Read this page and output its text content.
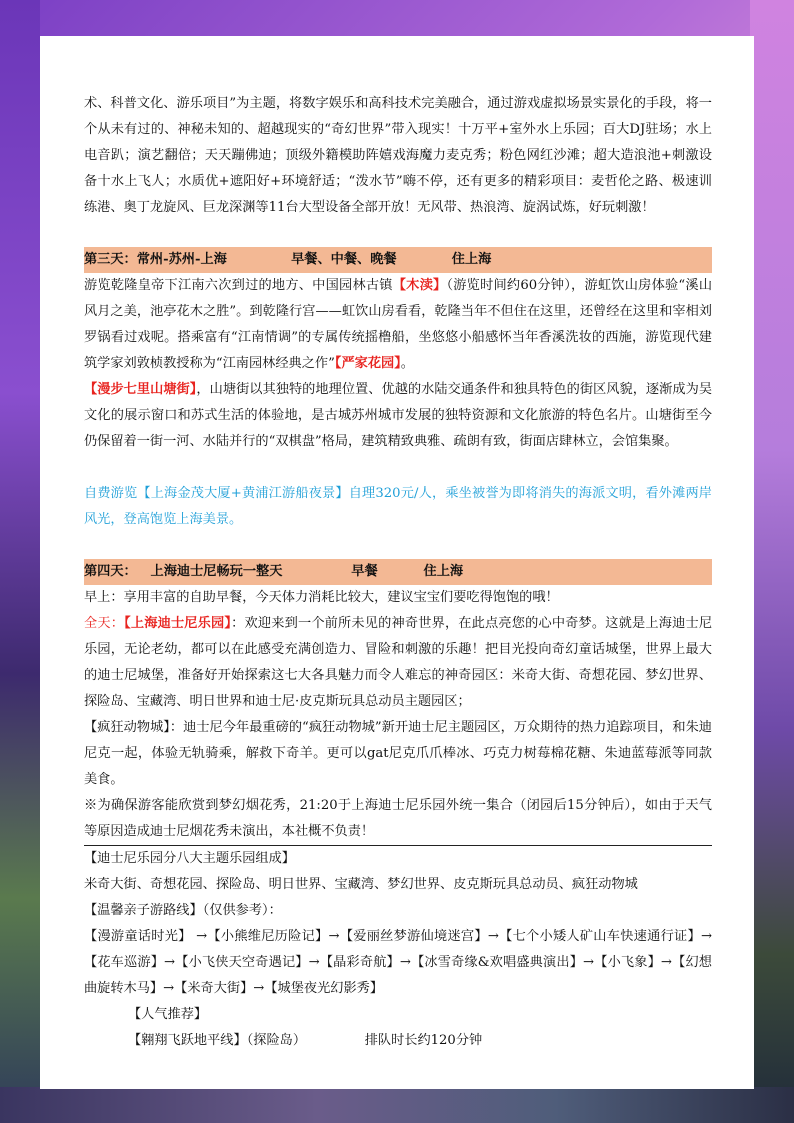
术、科普文化、游乐项目”为主题，将数字娱乐和高科技术完美融合，通过游戏虚拟场景实景化的手段，将一个从未有过的、神秘未知的、超越现实的“奇幻世界”带入现实！十万平+室外水上乐园；百大DJ驻场；水上电音趴；演艺翻倍；天天蹦佛迪；顶级外籍模助阵嬉戏海魔力麦克秀；粉色网红沙滩；超大造浪池+刺激设备十水上飞人；水质优+遮阳好+环境舒适；“泼水节”嗨不停，还有更多的精彩项目：麦哲伦之路、极速训练港、奥丁龙旋风、巨龙深渊等11台大型设备全部开放！无风带、热浪湾、旋涡试炼，好玩刺激！

第三天：常州-苏州-上海              早餐、中餐、晚餐            住上海

游览乾隆皇帝下江南六次到过的地方、中国园林古镇【木渎】（游览时间约60分钟），游虹饮山房体验“溪山风月之美，池亭花木之胜”。到乾隆行宫——虹饮山房看看，乾隆当年不但住在这里，还曾经在这里和宰相刘罗锅看过戏呢。搭乘富有“江南情调”的专属传统摇橹船，坐悠悠小船感怀当年香溪洗妆的西施，游览现代建筑学家刘敦桢教授称为“江南园林经典之作”【严家花园】。

【漫步七里山塘街】，山塘街以其独特的地理位置、优越的水陆交通条件和独具特色的街区风貌，逐渐成为吴文化的展示窗口和苏式生活的体验地，是古城苏州城市发展的独特资源和文化旅游的特色名片。山塘街至今仍保留着一街一河、水陆并行的“双棋盘”格局，建筑精致典雅、疏朗有致，街面店肆林立，会馆集聚。

自费游览【上海金茂大厦+黄浦江游船夜景】自理320元/人，乘坐被誉为即将消失的海派文明，看外滩两岸风光，登高饱览上海美景。

第四天：   上海迪士尼畅玩一整天               早餐          住上海

早上：享用丰富的自助早餐，今天体力消耗比较大，建议宝宝们要吃得饱饱的哦！

全天：【上海迪士尼乐园】：欢迎来到一个前所未见的神奇世界，在此点亮您的心中奇梦。这就是上海迪士尼乐园，无论老幼，都可以在此感受充满创造力、冒险和刺激的乐趣！把目光投向奇幻童话城堡，世界上最大的迪士尼城堡，准备好开始探索这七大各具魅力而令人难忘的神奇园区：米奇大街、奇想花园、梦幻世界、探险岛、宝藏湾、明日世界和迪士尼·皮克斯玩具总动员主题园区；

【疯狂动物城】：迪士尼今年最重磅的“疯狂动物城”新开迪士尼主题园区，万众期待的热力追踪项目，和朱迪尼克一起，体验无轨骑乘，解救下奇羊。更可以gat尼克爪爪棒冰、巧克力树莓棉花糖、朱迪蓝莓派等同款美食。

※为确保游客能欣赏到梦幻烟花秀，21:20于上海迪士尼乐园外统一集合（闭园后15分钟后），如由于天气等原因造成迪士尼烟花秀未演出，本社概不负责！

【迪士尼乐园分八大主题乐园组成】

米奇大街、奇想花园、探险岛、明日世界、宝藏湾、梦幻世界、皮克斯玩具总动员、疯狂动物城

【温馨亲子游路线】（仅供参考）：

【漫游童话时光】 →【小熊维尼历险记】→【爱丽丝梦游仙境迷宫】→【七个小矮人矿山车快速通行证】→【花车巡游】→【小飞侠天空奇遇记】→【晶彩奇航】→【冰雪奇缘&欢唱盛典演出】→【小飞象】→【幻想曲旋转木马】→【米奇大街】→【城堡夜光幻影秀】

【人气推荐】

【翱翔飞跃地平线】（探险岛）              排队时长约120分钟
